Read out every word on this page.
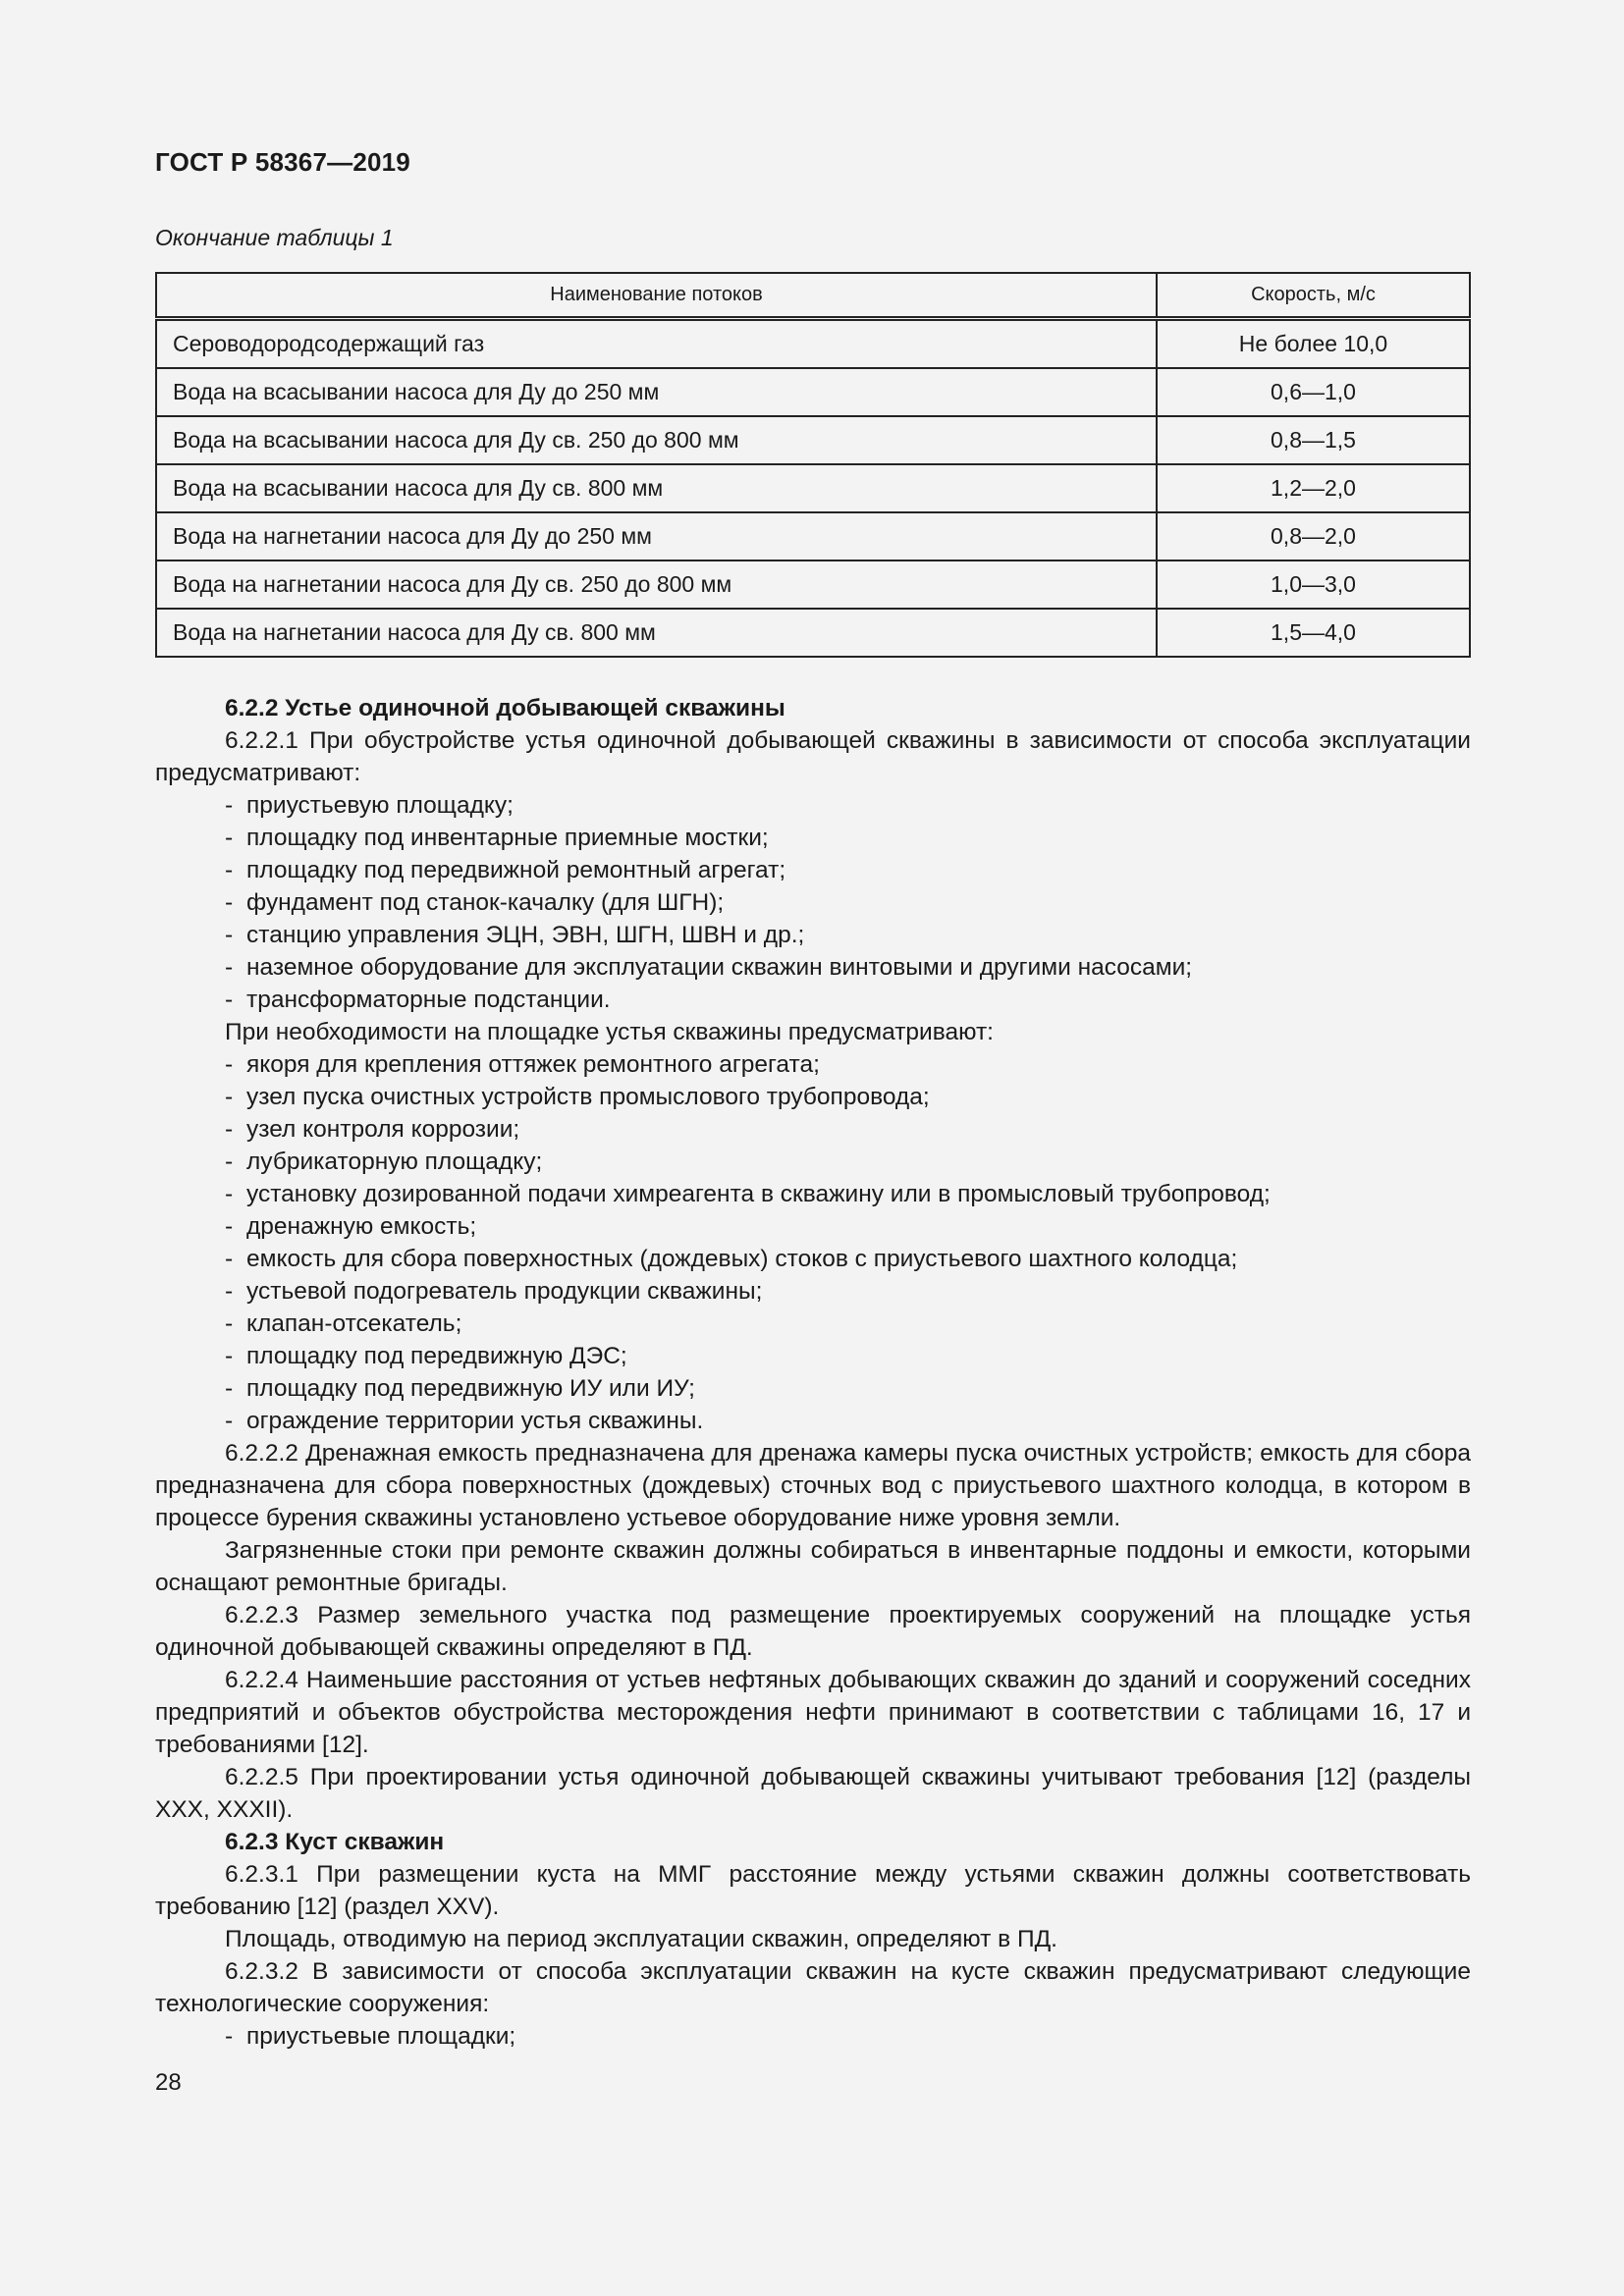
ГОСТ Р 58367—2019
Окончание таблицы 1
Наименование потоков	Скорость, м/с
Сероводородсодержащий газ	Не более 10,0
Вода на всасывании насоса для Ду до 250 мм	0,6—1,0
Вода на всасывании насоса для Ду св. 250 до 800 мм	0,8—1,5
Вода на всасывании насоса для Ду св. 800 мм	1,2—2,0
Вода на нагнетании насоса для Ду до 250 мм	0,8—2,0
Вода на нагнетании насоса для Ду св. 250 до 800 мм	1,0—3,0
Вода на нагнетании насоса для Ду св. 800 мм	1,5—4,0

6.2.2 Устье одиночной добывающей скважины

6.2.2.1 При обустройстве устья одиночной добывающей скважины в зависимости от способа эксплуатации предусматривают:

- приустьевую площадку;

- площадку под инвентарные приемные мостки;

- площадку под передвижной ремонтный агрегат;

- фундамент под станок-качалку (для ШГН);

- станцию управления ЭЦН, ЭВН, ШГН, ШВН и др.;

- наземное оборудование для эксплуатации скважин винтовыми и другими насосами;

- трансформаторные подстанции.

При необходимости на площадке устья скважины предусматривают:

- якоря для крепления оттяжек ремонтного агрегата;

- узел пуска очистных устройств промыслового трубопровода;

- узел контроля коррозии;

- лубрикаторную площадку;

- установку дозированной подачи химреагента в скважину или в промысловый трубопровод;

- дренажную емкость;

- емкость для сбора поверхностных (дождевых) стоков с приустьевого шахтного колодца;

- устьевой подогреватель продукции скважины;

- клапан-отсекатель;

- площадку под передвижную ДЭС;

- площадку под передвижную ИУ или ИУ;

- ограждение территории устья скважины.

6.2.2.2 Дренажная емкость предназначена для дренажа камеры пуска очистных устройств; емкость для сбора предназначена для сбора поверхностных (дождевых) сточных вод с приустьевого шахтного колодца, в котором в процессе бурения скважины установлено устьевое оборудование ниже уровня земли.

Загрязненные стоки при ремонте скважин должны собираться в инвентарные поддоны и емкости, которыми оснащают ремонтные бригады.

6.2.2.3 Размер земельного участка под размещение проектируемых сооружений на площадке устья одиночной добывающей скважины определяют в ПД.

6.2.2.4 Наименьшие расстояния от устьев нефтяных добывающих скважин до зданий и сооружений соседних предприятий и объектов обустройства месторождения нефти принимают в соответствии с таблицами 16, 17 и требованиями [12].

6.2.2.5 При проектировании устья одиночной добывающей скважины учитывают требования [12] (разделы XXX, XXXII).

6.2.3 Куст скважин

6.2.3.1 При размещении куста на ММГ расстояние между устьями скважин должны соответствовать требованию [12] (раздел XXV).

Площадь, отводимую на период эксплуатации скважин, определяют в ПД.

6.2.3.2 В зависимости от способа эксплуатации скважин на кусте скважин предусматривают следующие технологические сооружения:

- приустьевые площадки;

28
